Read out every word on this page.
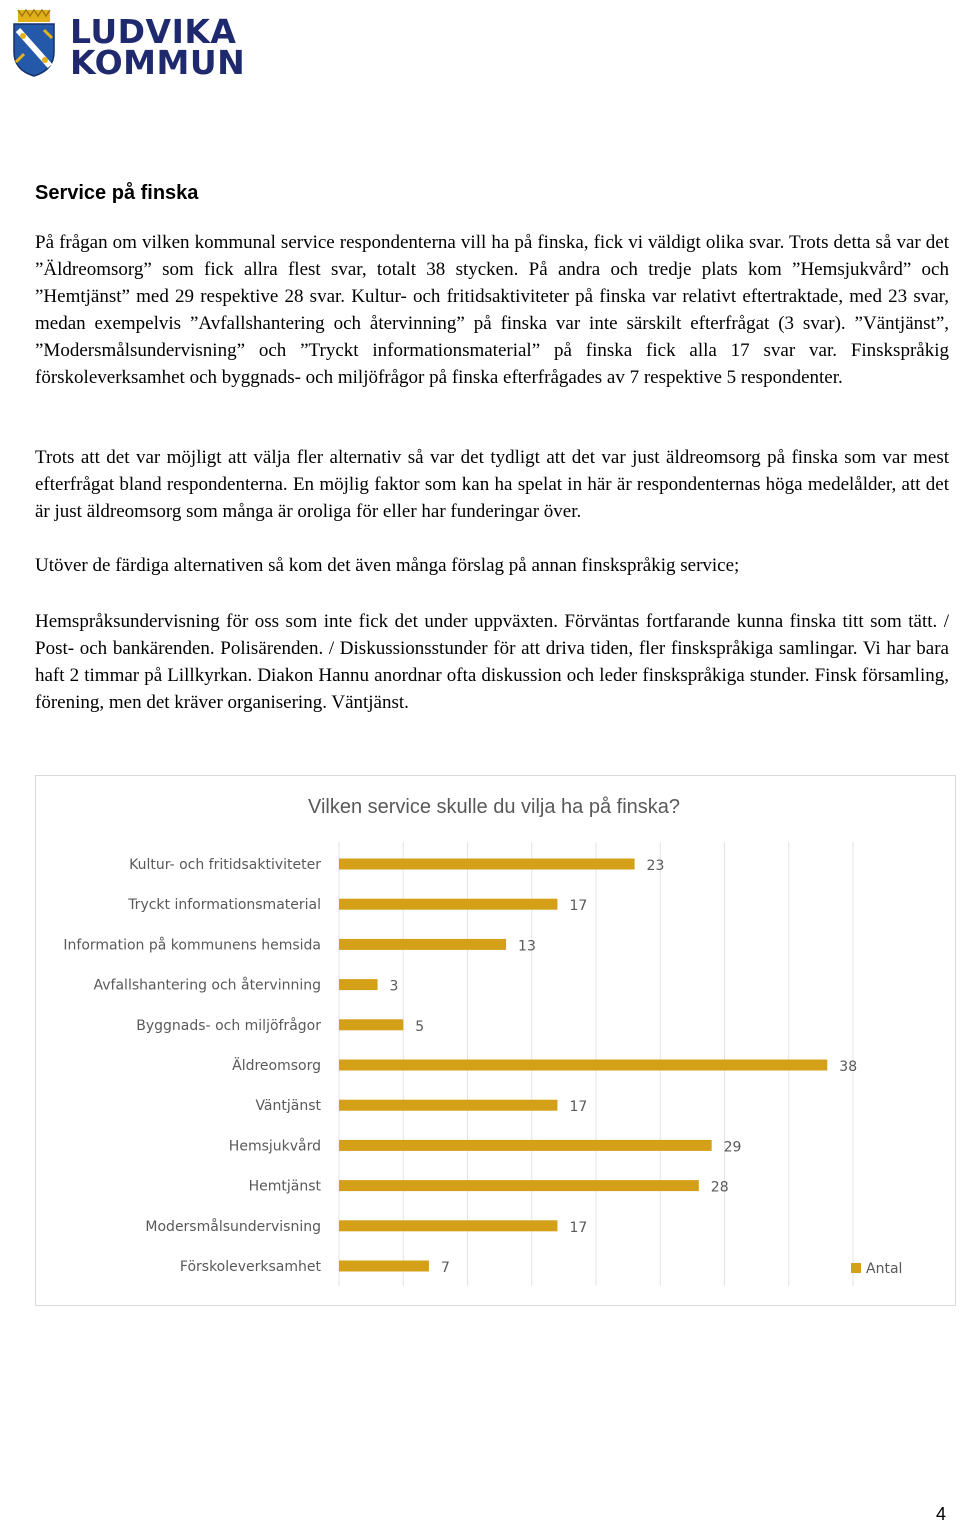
LUDVIKA
KOMMUN
Service på finska

På frågan om vilken kommunal service respondenterna vill ha på finska, fick vi väldigt olika svar. Trots detta så var det ”Äldreomsorg” som fick allra flest svar, totalt 38 stycken. På andra och tredje plats kom ”Hemsjukvård” och ”Hemtjänst” med 29 respektive 28 svar. Kultur- och fritidsaktiviteter på finska var relativt eftertraktade, med 23 svar, medan exempelvis ”Avfallshantering och återvinning” på finska var inte särskilt efterfrågat (3 svar). ”Väntjänst”, ”Modersmålsundervisning” och ”Tryckt informationsmaterial” på finska fick alla 17 svar var. Finskspråkig förskoleverksamhet och byggnads- och miljöfrågor på finska efterfrågades av 7 respektive 5 respondenter.

Trots att det var möjligt att välja fler alternativ så var det tydligt att det var just äldreomsorg på finska som var mest efterfrågat bland respondenterna. En möjlig faktor som kan ha spelat in här är respondenternas höga medelålder, att det är just äldreomsorg som många är oroliga för eller har funderingar över.

Utöver de färdiga alternativen så kom det även många förslag på annan finskspråkig service;

Hemspråksundervisning för oss som inte fick det under uppväxten. Förväntas fortfarande kunna finska titt som tätt. / Post- och bankärenden. Polisärenden. / Diskussionsstunder för att driva tiden, fler finskspråkiga samlingar. Vi har bara haft 2 timmar på Lillkyrkan. Diakon Hannu anordnar ofta diskussion och leder finskspråkiga stunder. Finsk församling, förening, men det kräver organisering. Väntjänst.

Vilken service skulle du vilja ha på finska?
Kultur- och fritidsaktiviteter	23
Tryckt informationsmaterial	17
Information på kommunens hemsida	13
Avfallshantering och återvinning	3
Byggnads- och miljöfrågor	5
Äldreomsorg	38
Väntjänst	17
Hemsjukvård	29
Hemtjänst	28
Modersmålsundervisning	17
Förskoleverksamhet	7	Antal
4
